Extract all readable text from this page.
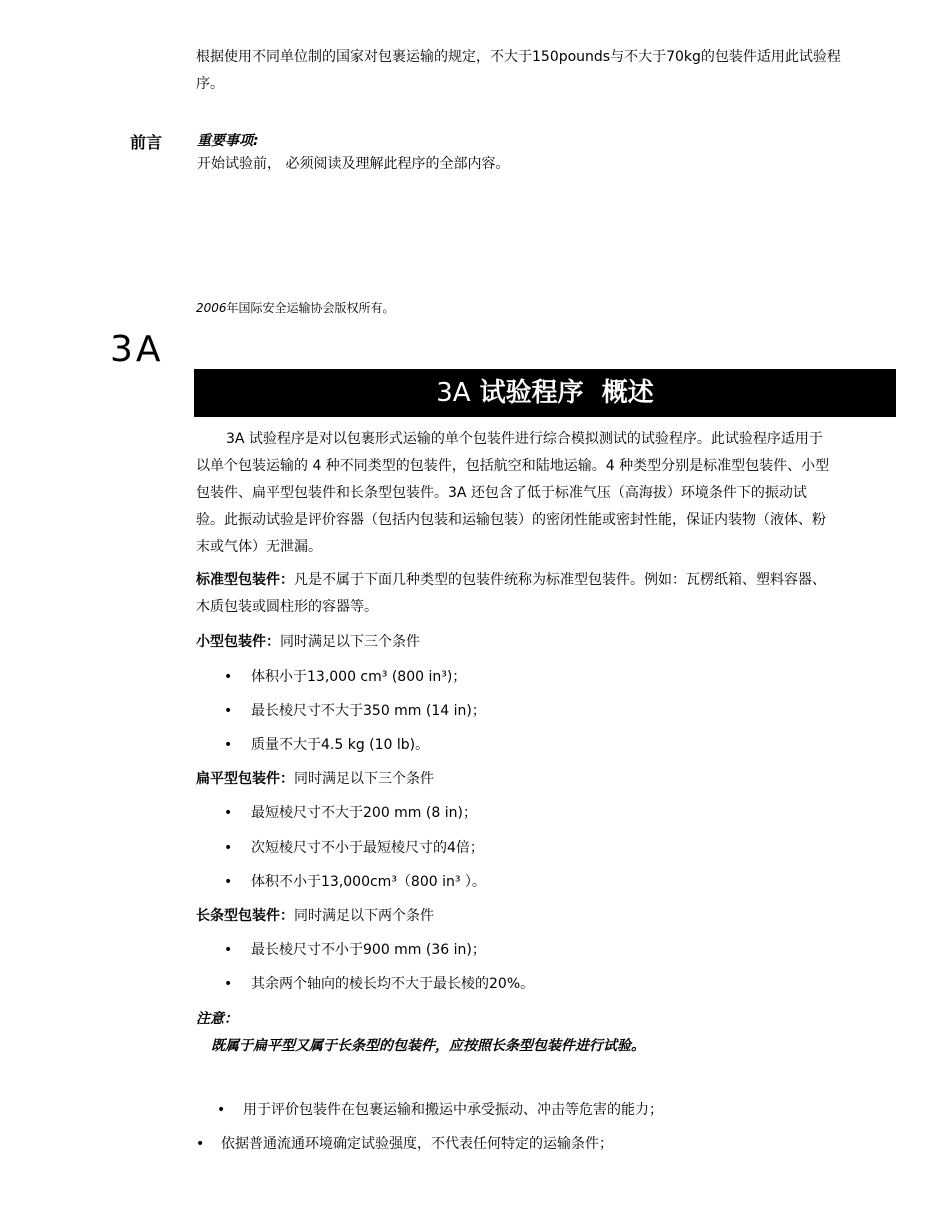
根据使用不同单位制的国家对包裹运输的规定，不大于150pounds与不大于70kg的包装件适用此试验程
序。
前言 重要事项:
开始试验前， 必须阅读及理解此程序的全部内容。
2006年国际安全运输协会版权所有。
3A
3A 试验程序  概述
3A 试验程序是对以包裹形式运输的单个包装件进行综合模拟测试的试验程序。此试验程序适用于
以单个包装运输的 4 种不同类型的包装件，包括航空和陆地运输。4 种类型分别是标准型包装件、小型
包装件、扁平型包装件和长条型包装件。3A 还包含了低于标准气压（高海拔）环境条件下的振动试
验。此振动试验是评价容器（包括内包装和运输包装）的密闭性能或密封性能，保证内装物（液体、粉
末或气体）无泄漏。
标准型包装件：凡是不属于下面几种类型的包装件统称为标准型包装件。例如：瓦楞纸箱、塑料容器、
木质包装或圆柱形的容器等。
小型包装件：同时满足以下三个条件
• 体积小于13,000 cm³ (800 in³)；
• 最长棱尺寸不大于350 mm (14 in)；
• 质量不大于4.5 kg (10 lb)。
扁平型包装件：同时满足以下三个条件
• 最短棱尺寸不大于200 mm (8 in)；
• 次短棱尺寸不小于最短棱尺寸的4倍；
• 体积不小于13,000cm³（800 in³ ）。
长条型包装件：同时满足以下两个条件
• 最长棱尺寸不小于900 mm (36 in)；
• 其余两个轴向的棱长均不大于最长棱的20%。
注意：
既属于扁平型又属于长条型的包装件，应按照长条型包装件进行试验。
• 用于评价包装件在包裹运输和搬运中承受振动、冲击等危害的能力；
• 依据普通流通环境确定试验强度，不代表任何特定的运输条件；
